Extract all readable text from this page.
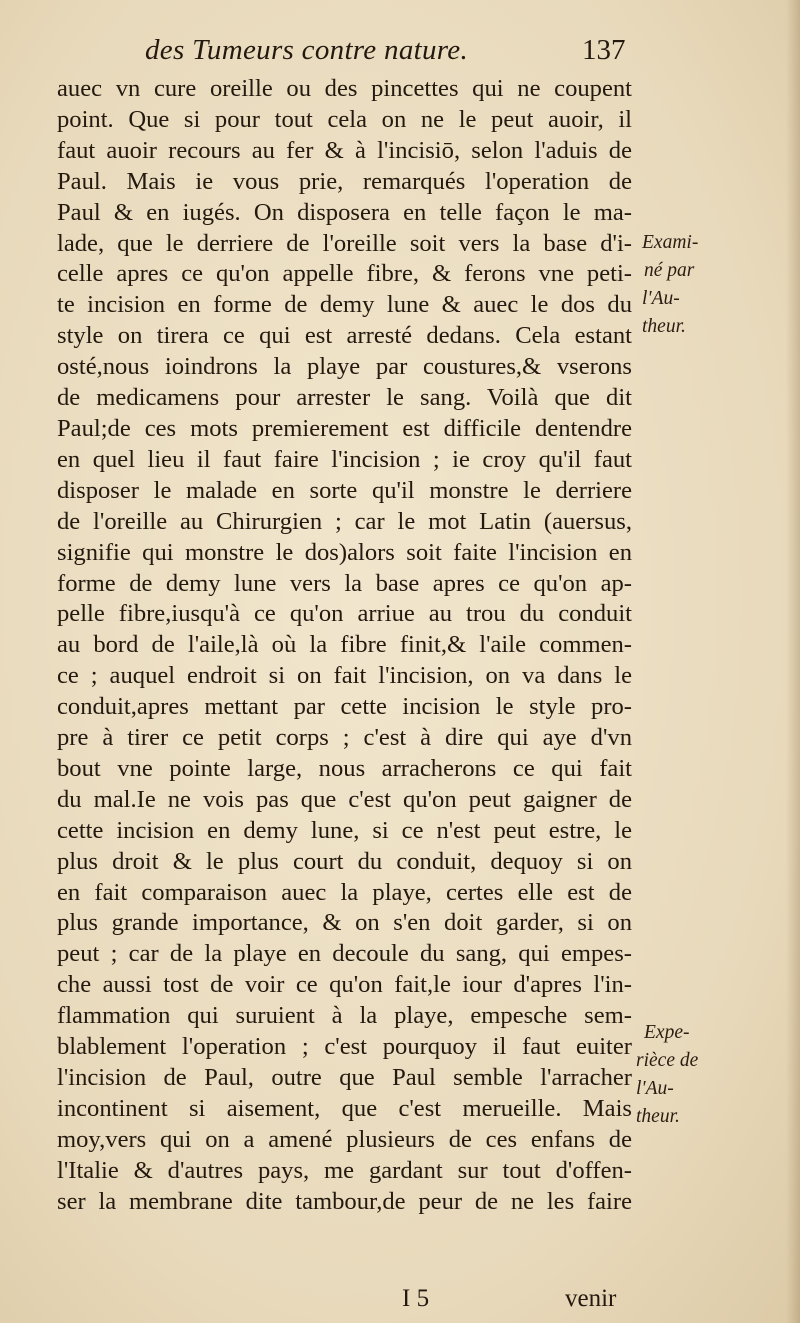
des Tumeurs contre nature.	137
auec vn cure oreille ou des pincettes qui ne coupent
point. Que si pour tout cela on ne le peut auoir, il
faut auoir recours au fer & à l'incisiō, selon l'aduis de
Paul. Mais ie vous prie, remarqués l'operation de
Paul & en iugés. On disposera en telle façon le ma-
lade, que le derriere de l'oreille soit vers la base d'i-
celle apres ce qu'on appelle fibre, & ferons vne peti-
te incision en forme de demy lune & auec le dos du
style on tirera ce qui est arresté dedans. Cela estant
osté,nous ioindrons la playe par coustures,& vserons
de medicamens pour arrester le sang. Voilà que dit
Paul;de ces mots premierement est difficile dentendre
en quel lieu il faut faire l'incision ; ie croy qu'il faut
disposer le malade en sorte qu'il monstre le derriere
de l'oreille au Chirurgien ; car le mot Latin (auersus,
signifie qui monstre le dos)alors soit faite l'incision en
forme de demy lune vers la base apres ce qu'on ap-
pelle fibre,iusqu'à ce qu'on arriue au trou du conduit
au bord de l'aile,là où la fibre finit,& l'aile commen-
ce ; auquel endroit si on fait l'incision, on va dans le
conduit,apres mettant par cette incision le style pro-
pre à tirer ce petit corps ; c'est à dire qui aye d'vn
bout vne pointe large, nous arracherons ce qui fait
du mal.Ie ne vois pas que c'est qu'on peut gaigner de
cette incision en demy lune, si ce n'est peut estre, le
plus droit & le plus court du conduit, dequoy si on
en fait comparaison auec la playe, certes elle est de
plus grande importance, & on s'en doit garder, si on
peut ; car de la playe en decoule du sang, qui empes-
che aussi tost de voir ce qu'on fait,le iour d'apres l'in-
flammation qui suruient à la playe, empesche sem-
blablement l'operation ; c'est pourquoy il faut euiter
l'incision de Paul, outre que Paul semble l'arracher
incontinent si aisement, que c'est merueille. Mais
moy,vers qui on a amené plusieurs de ces enfans de
l'Italie & d'autres pays, me gardant sur tout d'offen-
ser la membrane dite tambour,de peur de ne les faire
Exami-
né par
l'Au-
theur.
Expe-
rièce de
l'Au-
theur.
I 5	venir
